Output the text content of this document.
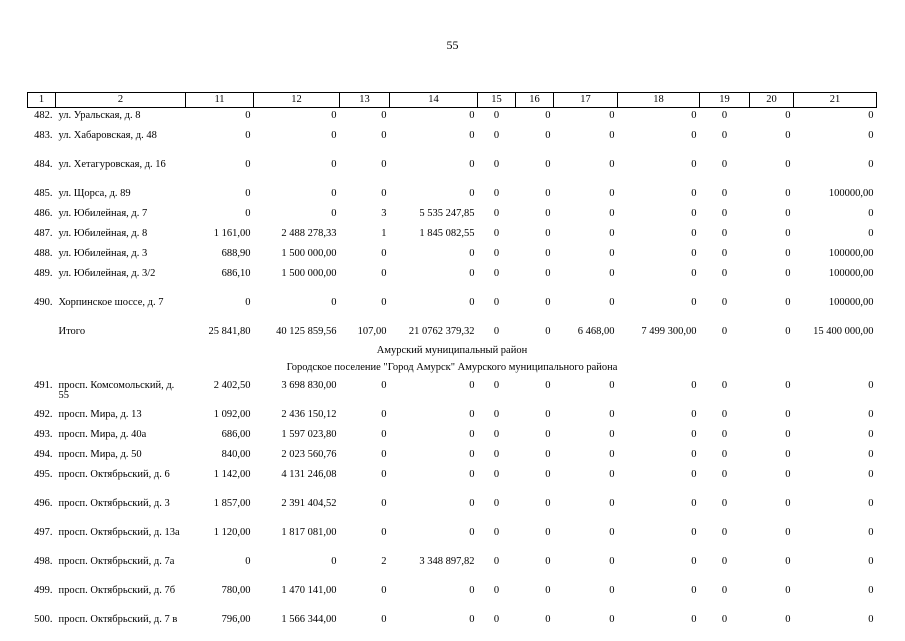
55
1	2	11	12	13	14	15	16	17	18	19	20	21
482.	ул. Уральская, д. 8	0	0	0	0	0	0	0	0	0	0	0
483.	ул. Хабаровская, д. 48	0	0	0	0	0	0	0	0	0	0	0
484.	ул. Хетагуровская, д. 16	0	0	0	0	0	0	0	0	0	0	0
485.	ул. Щорса, д. 89	0	0	0	0	0	0	0	0	0	0	100000,00
486.	ул. Юбилейная, д. 7	0	0	3	5 535 247,85	0	0	0	0	0	0	0
487.	ул. Юбилейная, д. 8	1 161,00	2 488 278,33	1	1 845 082,55	0	0	0	0	0	0	0
488.	ул. Юбилейная, д. 3	688,90	1 500 000,00	0	0	0	0	0	0	0	0	100000,00
489.	ул. Юбилейная, д. 3/2	686,10	1 500 000,00	0	0	0	0	0	0	0	0	100000,00
490.	Хорпинское шоссе, д. 7	0	0	0	0	0	0	0	0	0	0	100000,00
	Итого	25 841,80	40 125 859,56	107,00	21 0762 379,32	0	0	6 468,00	7 499 300,00	0	0	15 400 000,00
Амурский муниципальный район												
Городское поселение "Город Амурск" Амурского муниципального района												
491.	просп. Комсомольский, д. 55	2 402,50	3 698 830,00	0	0	0	0	0	0	0	0	0
492.	просп. Мира, д. 13	1 092,00	2 436 150,12	0	0	0	0	0	0	0	0	0
493.	просп. Мира, д. 40а	686,00	1 597 023,80	0	0	0	0	0	0	0	0	0
494.	просп. Мира, д. 50	840,00	2 023 560,76	0	0	0	0	0	0	0	0	0
495.	просп. Октябрьский, д. 6	1 142,00	4 131 246,08	0	0	0	0	0	0	0	0	0
496.	просп. Октябрьский, д. 3	1 857,00	2 391 404,52	0	0	0	0	0	0	0	0	0
497.	просп. Октябрьский, д. 13а	1 120,00	1 817 081,00	0	0	0	0	0	0	0	0	0
498.	просп. Октябрьский, д. 7а	0	0	2	3 348 897,82	0	0	0	0	0	0	0
499.	просп. Октябрьский, д. 7б	780,00	1 470 141,00	0	0	0	0	0	0	0	0	0
500.	просп. Октябрьский, д. 7 в	796,00	1 566 344,00	0	0	0	0	0	0	0	0	0
